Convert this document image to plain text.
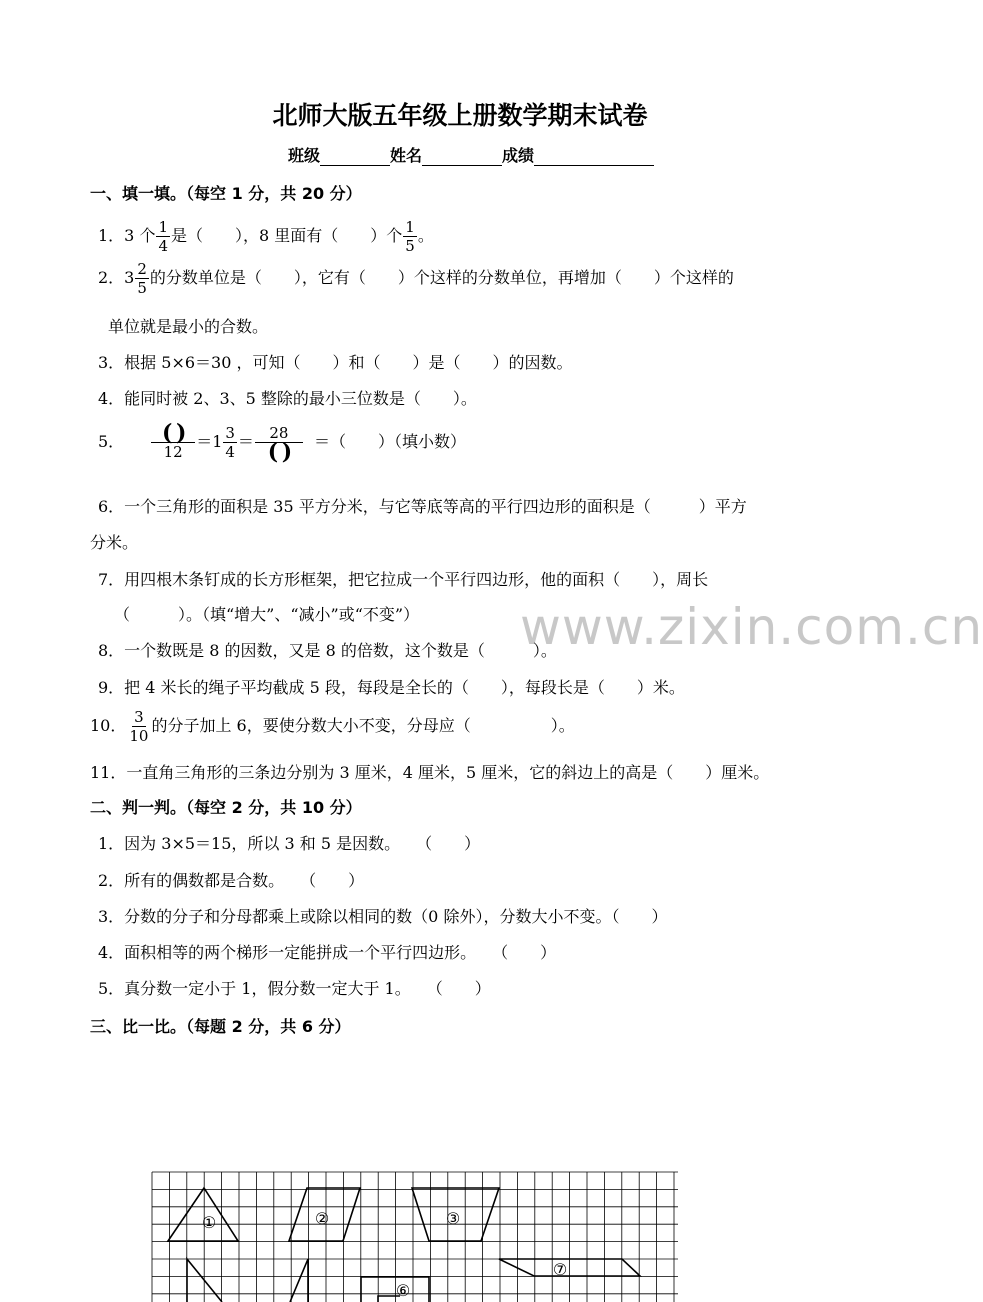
北师大版五年级上册数学期末试卷
班级	姓名	成绩
一、填一填。（每空 1 分，共 20 分）
1．3 个 $\frac{1}{4}$ 是（　　），8 里面有（　　）个 $\frac{1}{5}$ 。
2．$3 \frac{2}{5}$ 的分数单位是（　　），它有（　　）个这样的分数单位，再增加（　　）个这样的
单位就是最小的合数。
3．根据 5×6＝30 ，可知（　　）和（　　）是（　　）的因数。
4．能同时被 2、3、5 整除的最小三位数是（　　）。
5． $\frac{( )}{12} =1 \frac{3}{4} = \frac{28}{( )}$ ＝（　　）（填小数）
6．一个三角形的面积是 35 平方分米，与它等底等高的平行四边形的面积是（　　　）平方
分米。
7．用四根木条钉成的长方形框架，把它拉成一个平行四边形，他的面积（　　），周长
（　　　）。（填“增大”、“减小”或“不变”） www.zixin.com.cn
8．一个数既是 8 的因数，又是 8 的倍数，这个数是（　　　）。
9．把 4 米长的绳子平均截成 5 段，每段是全长的（　　），每段长是（　　）米。
10． $\frac{3}{10}$ 的分子加上 6，要使分数大小不变，分母应（　　　　　）。
11．一直角三角形的三条边分别为 3 厘米，4 厘米，5 厘米，它的斜边上的高是（　　）厘米。
二、判一判。（每空 2 分，共 10 分）
1．因为 3×5＝15，所以 3 和 5 是因数。　　（　　）
2．所有的偶数都是合数。　　（　　）
3．分数的分子和分母都乘上或除以相同的数（0 除外），分数大小不变。（　　）
4．面积相等的两个梯形一定能拼成一个平行四边形。　　（　　）
5．真分数一定小于 1，假分数一定大于 1。　　（　　）
三、比一比。（每题 2 分，共 6 分）
①	②	③
⑥
⑦
